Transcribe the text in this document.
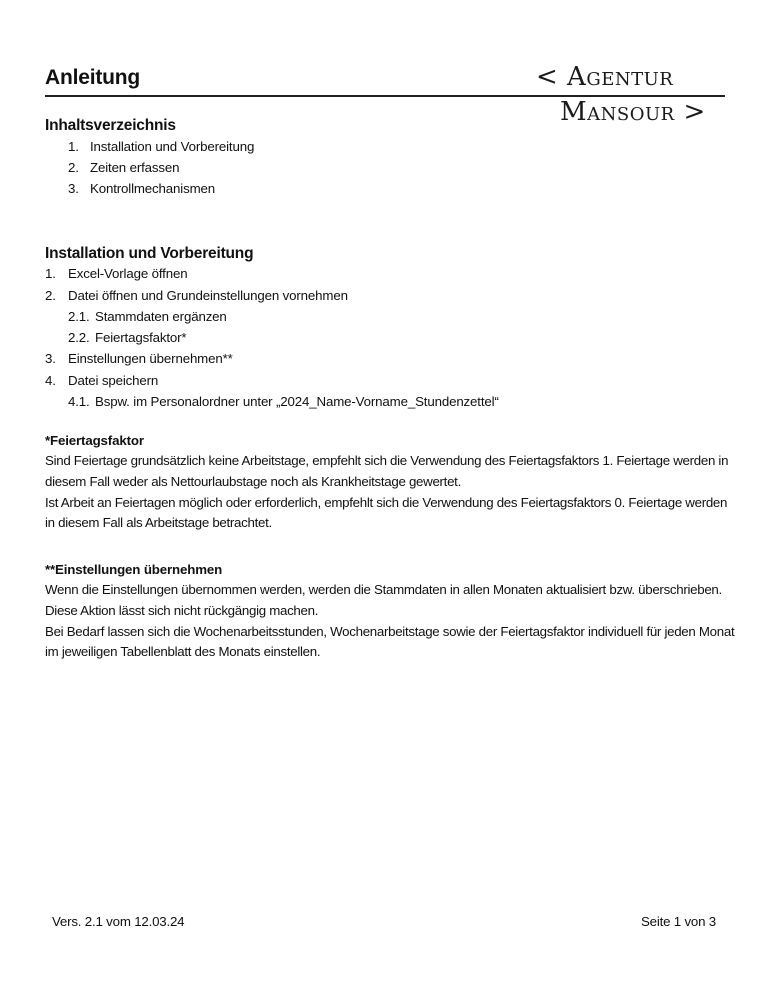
Anleitung	< Agentur
Mansour >
Inhaltsverzeichnis
1. Installation und Vorbereitung
2. Zeiten erfassen
3. Kontrollmechanismen
Installation und Vorbereitung
1. Excel-Vorlage öffnen
2. Datei öffnen und Grundeinstellungen vornehmen
2.1. Stammdaten ergänzen
2.2. Feiertagsfaktor*
3. Einstellungen übernehmen**
4. Datei speichern
4.1. Bspw. im Personalordner unter „2024_Name-Vorname_Stundenzettel“
*Feiertagsfaktor
Sind Feiertage grundsätzlich keine Arbeitstage, empfehlt sich die Verwendung des Feiertagsfaktors 1. Feiertage werden in diesem Fall weder als Nettourlaubstage noch als Krankheitstage gewertet.
Ist Arbeit an Feiertagen möglich oder erforderlich, empfehlt sich die Verwendung des Feiertagsfaktors 0. Feiertage werden in diesem Fall als Arbeitstage betrachtet.
**Einstellungen übernehmen
Wenn die Einstellungen übernommen werden, werden die Stammdaten in allen Monaten aktualisiert bzw. überschrieben. Diese Aktion lässt sich nicht rückgängig machen.
Bei Bedarf lassen sich die Wochenarbeitsstunden, Wochenarbeitstage sowie der Feiertagsfaktor individuell für jeden Monat im jeweiligen Tabellenblatt des Monats einstellen.
Vers. 2.1 vom 12.03.24	Seite 1 von 3
